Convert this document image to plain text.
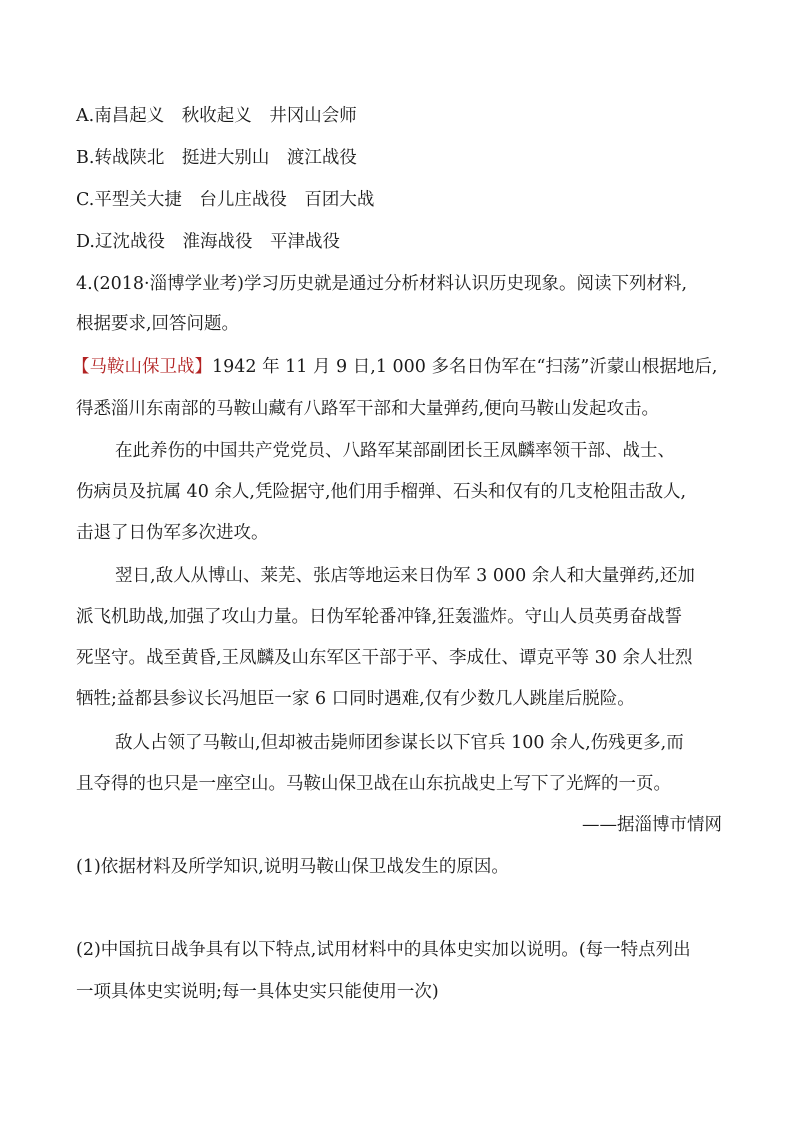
A.南昌起义　秋收起义　井冈山会师
B.转战陕北　挺进大别山　渡江战役
C.平型关大捷　台儿庄战役　百团大战
D.辽沈战役　淮海战役　平津战役
4.(2018·淄博学业考)学习历史就是通过分析材料认识历史现象。阅读下列材料,
根据要求,回答问题。
【马鞍山保卫战】1942 年 11 月 9 日,1 000 多名日伪军在“扫荡”沂蒙山根据地后,
得悉淄川东南部的马鞍山藏有八路军干部和大量弹药,便向马鞍山发起攻击。
在此养伤的中国共产党党员、八路军某部副团长王凤麟率领干部、战士、
伤病员及抗属 40 余人,凭险据守,他们用手榴弹、石头和仅有的几支枪阻击敌人,
击退了日伪军多次进攻。
翌日,敌人从博山、莱芜、张店等地运来日伪军 3 000 余人和大量弹药,还加
派飞机助战,加强了攻山力量。日伪军轮番冲锋,狂轰滥炸。守山人员英勇奋战誓
死坚守。战至黄昏,王凤麟及山东军区干部于平、李成仕、谭克平等 30 余人壮烈
牺牲;益都县参议长冯旭臣一家 6 口同时遇难,仅有少数几人跳崖后脱险。
敌人占领了马鞍山,但却被击毙师团参谋长以下官兵 100 余人,伤残更多,而
且夺得的也只是一座空山。马鞍山保卫战在山东抗战史上写下了光辉的一页。
——据淄博市情网
(1)依据材料及所学知识,说明马鞍山保卫战发生的原因。
(2)中国抗日战争具有以下特点,试用材料中的具体史实加以说明。(每一特点列出
一项具体史实说明;每一具体史实只能使用一次)
